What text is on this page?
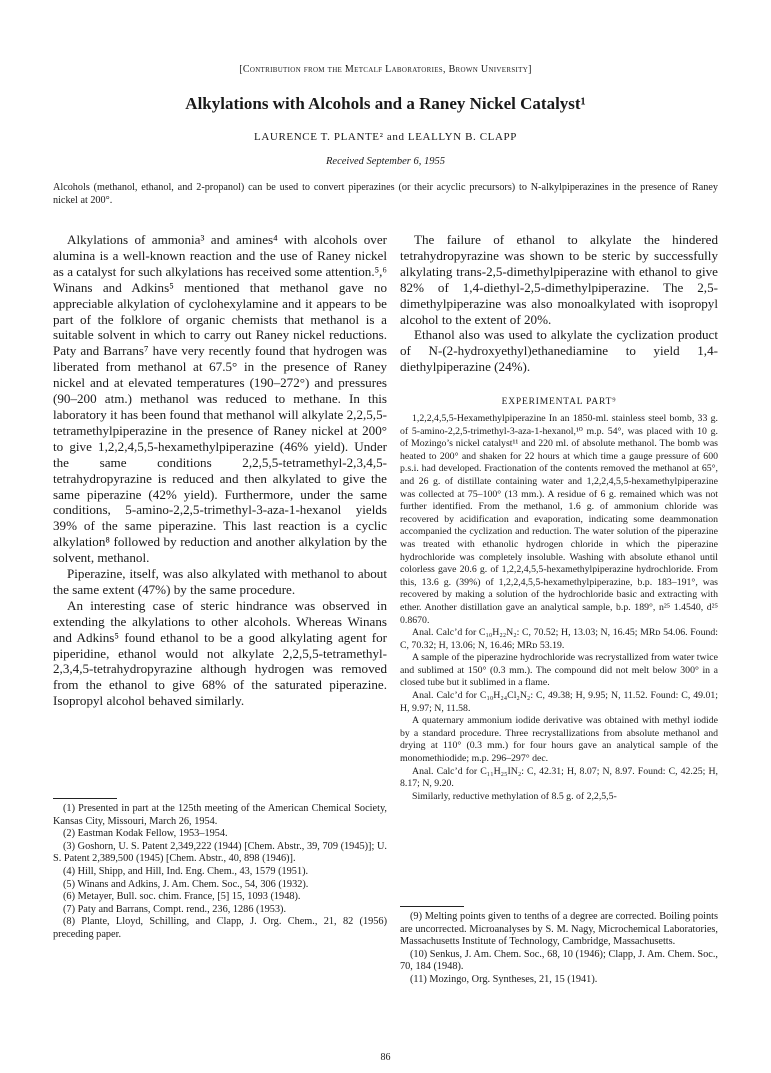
[Contribution from the Metcalf Laboratories, Brown University]
Alkylations with Alcohols and a Raney Nickel Catalyst¹
LAURENCE T. PLANTE² and LEALLYN B. CLAPP
Received September 6, 1955
Alcohols (methanol, ethanol, and 2-propanol) can be used to convert piperazines (or their acyclic precursors) to N-alkylpiperazines in the presence of Raney nickel at 200°.

Alkylations of ammonia³ and amines⁴ with alcohols over alumina is a well-known reaction and the use of Raney nickel as a catalyst for such alkylations has received some attention.⁵,⁶ Winans and Adkins⁵ mentioned that methanol gave no appreciable alkylation of cyclohexylamine and it appears to be part of the folklore of organic chemists that methanol is a suitable solvent in which to carry out Raney nickel reductions. Paty and Barrans⁷ have very recently found that hydrogen was liberated from methanol at 67.5° in the presence of Raney nickel and at elevated temperatures (190–272°) and pressures (90–200 atm.) methanol was reduced to methane. In this laboratory it has been found that methanol will alkylate 2,2,5,5-tetramethylpiperazine in the presence of Raney nickel at 200° to give 1,2,2,4,5,5-hexamethylpiperazine (46% yield). Under the same conditions 2,2,5,5-tetramethyl-2,3,4,5-tetrahydropyrazine is reduced and then alkylated to give the same piperazine (42% yield). Furthermore, under the same conditions, 5-amino-2,2,5-trimethyl-3-aza-1-hexanol yields 39% of the same piperazine. This last reaction is a cyclic alkylation⁸ followed by reduction and another alkylation by the solvent, methanol.

Piperazine, itself, was also alkylated with methanol to about the same extent (47%) by the same procedure.

An interesting case of steric hindrance was observed in extending the alkylations to other alcohols. Whereas Winans and Adkins⁵ found ethanol to be a good alkylating agent for piperidine, ethanol would not alkylate 2,2,5,5-tetramethyl-2,3,4,5-tetrahydropyrazine although hydrogen was removed from the ethanol to give 68% of the saturated piperazine. Isopropyl alcohol behaved similarly.

The failure of ethanol to alkylate the hindered tetrahydropyrazine was shown to be steric by successfully alkylating trans-2,5-dimethylpiperazine with ethanol to give 82% of 1,4-diethyl-2,5-dimethylpiperazine. The 2,5-dimethylpiperazine was also monoalkylated with isopropyl alcohol to the extent of 20%.

Ethanol also was used to alkylate the cyclization product of N-(2-hydroxyethyl)ethanediamine to yield 1,4-diethylpiperazine (24%).

EXPERIMENTAL PART⁹

1,2,2,4,5,5-Hexamethylpiperazine In an 1850-ml. stainless steel bomb, 33 g. of 5-amino-2,2,5-trimethyl-3-aza-1-hexanol,¹⁰ m.p. 54°, was placed with 10 g. of Mozingo’s nickel catalyst¹¹ and 220 ml. of absolute methanol. The bomb was heated to 200° and shaken for 22 hours at which time a gauge pressure of 600 p.s.i. had developed. Fractionation of the contents removed the methanol at 65°, and 26 g. of distillate containing water and 1,2,2,4,5,5-hexamethylpiperazine was collected at 75–100° (13 mm.). A residue of 6 g. remained which was not further identified. From the methanol, 1.6 g. of ammonium chloride was recovered by acidification and evaporation, indicating some deammonation accompanied the cyclization and reduction. The water solution of the piperazine was treated with ethanolic hydrogen chloride in which the piperazine hydrochloride was completely insoluble. Washing with absolute ethanol until colorless gave 20.6 g. of 1,2,2,4,5,5-hexamethylpiperazine hydrochloride. From this, 13.6 g. (39%) of 1,2,2,4,5,5-hexamethylpiperazine, b.p. 183–191°, was recovered by making a solution of the hydrochloride basic and extracting with ether. Another distillation gave an analytical sample, b.p. 189°, n²⁵ 1.4540, d²⁵ 0.8670.

Anal. Calc’d for C₁₀H₂₂N₂: C, 70.52; H, 13.03; N, 16.45; MRᴅ 54.06. Found: C, 70.32; H, 13.06; N, 16.46; MRᴅ 53.19.

A sample of the piperazine hydrochloride was recrystallized from water twice and sublimed at 150° (0.3 mm.). The compound did not melt below 300° in a closed tube but it sublimed in a flame.

Anal. Calc’d for C₁₀H₂₄Cl₂N₂: C, 49.38; H, 9.95; N, 11.52. Found: C, 49.01; H, 9.97; N, 11.58.

A quaternary ammonium iodide derivative was obtained with methyl iodide by a standard procedure. Three recrystallizations from absolute methanol and drying at 110° (0.3 mm.) for four hours gave an analytical sample of the monomethiodide; m.p. 296–297° dec.

Anal. Calc’d for C₁₁H₂₅IN₂: C, 42.31; H, 8.07; N, 8.97. Found: C, 42.25; H, 8.17; N, 9.20.

Similarly, reductive methylation of 8.5 g. of 2,2,5,5-

(1) Presented in part at the 125th meeting of the American Chemical Society, Kansas City, Missouri, March 26, 1954.

(2) Eastman Kodak Fellow, 1953–1954.

(3) Goshorn, U. S. Patent 2,349,222 (1944) [Chem. Abstr., 39, 709 (1945)]; U. S. Patent 2,389,500 (1945) [Chem. Abstr., 40, 898 (1946)].

(4) Hill, Shipp, and Hill, Ind. Eng. Chem., 43, 1579 (1951).

(5) Winans and Adkins, J. Am. Chem. Soc., 54, 306 (1932).

(6) Metayer, Bull. soc. chim. France, [5] 15, 1093 (1948).

(7) Paty and Barrans, Compt. rend., 236, 1286 (1953).

(8) Plante, Lloyd, Schilling, and Clapp, J. Org. Chem., 21, 82 (1956) preceding paper.

(9) Melting points given to tenths of a degree are corrected. Boiling points are uncorrected. Microanalyses by S. M. Nagy, Microchemical Laboratories, Massachusetts Institute of Technology, Cambridge, Massachusetts.

(10) Senkus, J. Am. Chem. Soc., 68, 10 (1946); Clapp, J. Am. Chem. Soc., 70, 184 (1948).

(11) Mozingo, Org. Syntheses, 21, 15 (1941).

86
